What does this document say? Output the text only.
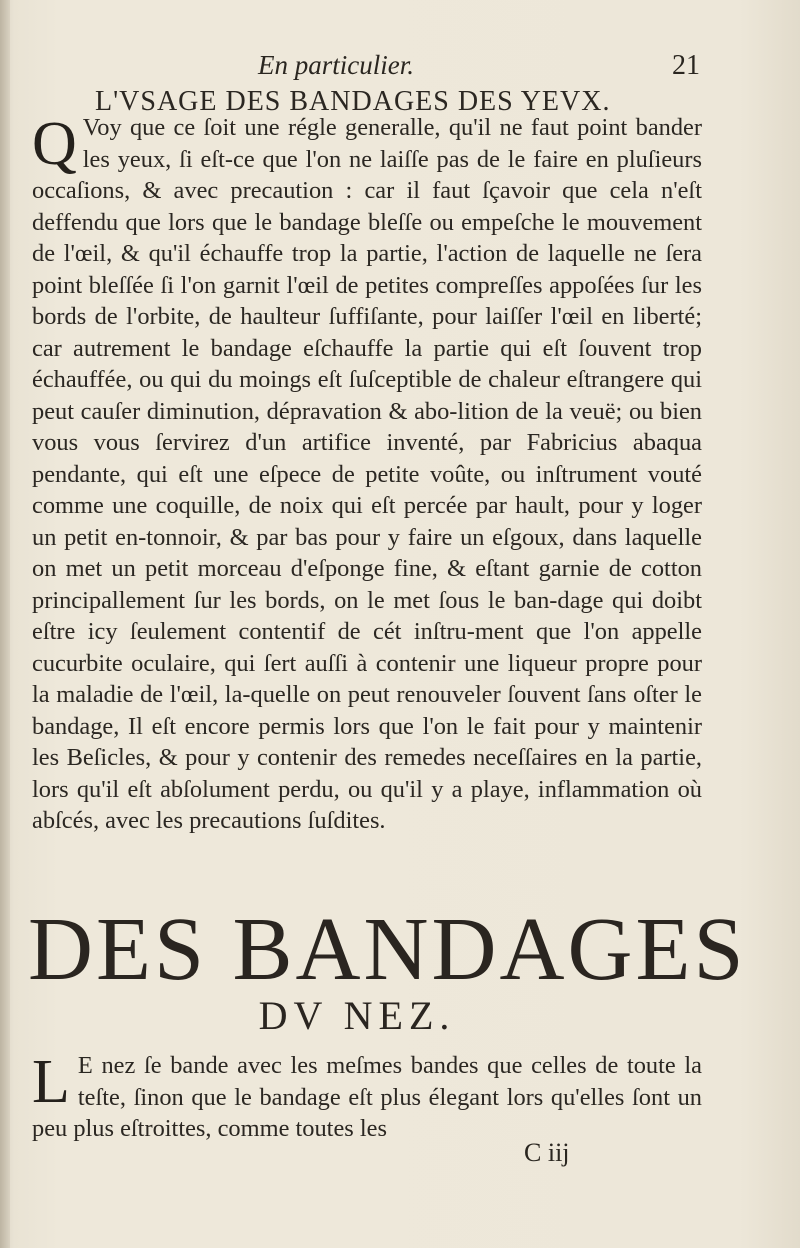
En particulier.	21
L'VSAGE DES BANDAGES DES YEVX.
Q Voy que ce ſoit une régle generalle, qu'il ne faut point bander les yeux, ſi eſt-ce que l'on ne laiſſe pas de le faire en pluſieurs occaſions, & avec precaution : car il faut ſçavoir que cela n'eſt deffendu que lors que le bandage bleſſe ou empeſche le mouvement de l'œil, & qu'il échauffe trop la partie, l'action de laquelle ne ſera point bleſſée ſi l'on garnit l'œil de petites compreſſes appoſées ſur les bords de l'orbite, de haulteur ſuffiſante, pour laiſſer l'œil en liberté; car autrement le bandage eſchauffe la partie qui eſt ſouvent trop échauffée, ou qui du moings eſt ſuſceptible de chaleur eſtrangere qui peut cauſer diminution, dépravation & abo-lition de la veuë; ou bien vous vous ſervirez d'un artifice inventé, par Fabricius abaqua pendante, qui eſt une eſpece de petite voûte, ou inſtrument vouté comme une coquille, de noix qui eſt percée par hault, pour y loger un petit en-tonnoir, & par bas pour y faire un eſgoux, dans laquelle on met un petit morceau d'eſponge fine, & eſtant garnie de cotton principallement ſur les bords, on le met ſous le ban-dage qui doibt eſtre icy ſeulement contentif de cét inſtru-ment que l'on appelle cucurbite oculaire, qui ſert auſſi à contenir une liqueur propre pour la maladie de l'œil, la-quelle on peut renouveler ſouvent ſans oſter le bandage, Il eſt encore permis lors que l'on le fait pour y maintenir les Beſicles, & pour y contenir des remedes neceſſaires en la partie, lors qu'il eſt abſolument perdu, ou qu'il y a playe, inflammation où abſcés, avec les precautions ſuſdites.
DES BANDAGES
DV NEZ.
L E nez ſe bande avec les meſmes bandes que celles de toute la teſte, ſinon que le bandage eſt plus élegant lors qu'elles ſont un peu plus eſtroittes, comme toutes les
C iij
